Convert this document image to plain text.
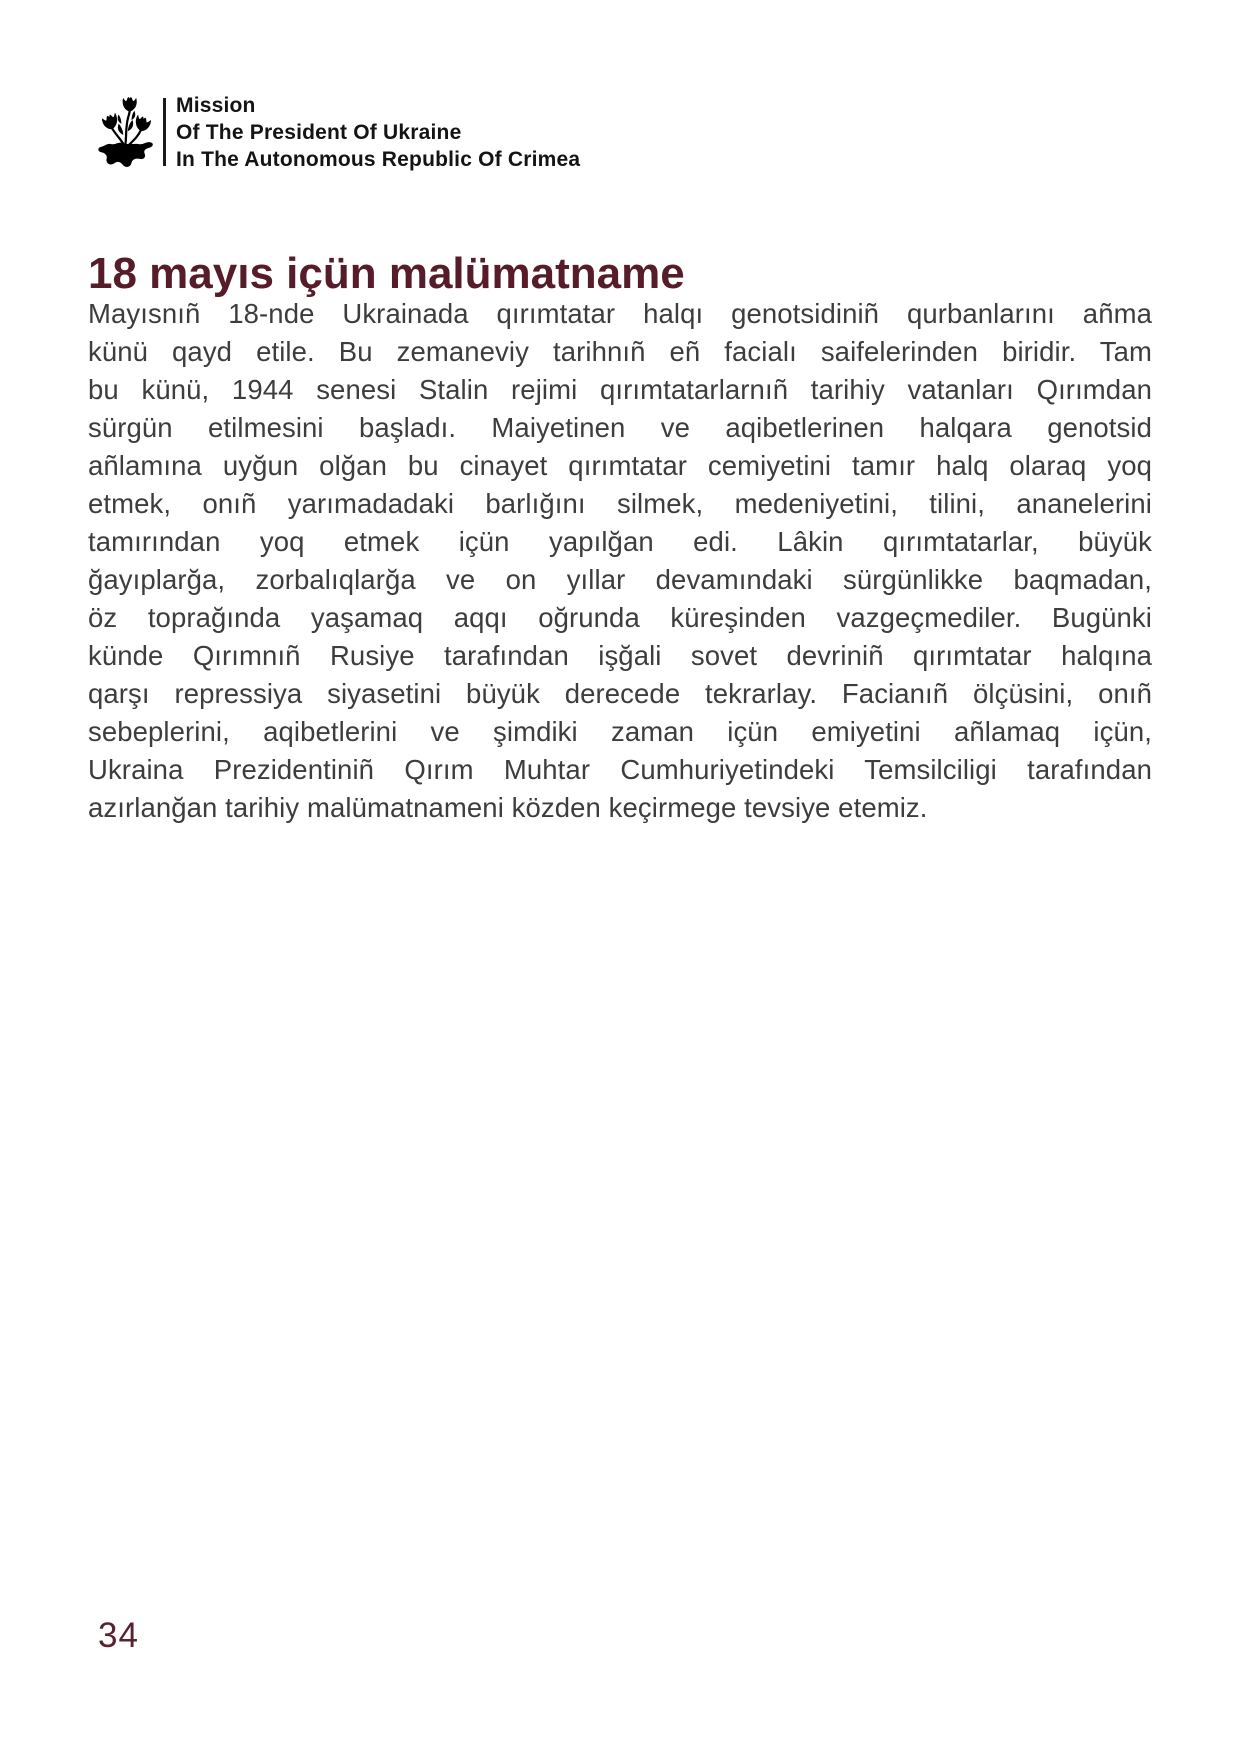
Mission
Of The President Of Ukraine
In The Autonomous Republic Of Crimea
18 mayıs içün malümatname
Mayısnıñ 18-nde Ukrainada qırımtatar halqı genotsidiniñ qurbanlarını añma
künü qayd etile. Bu zemaneviy tarihnıñ eñ facialı saifelerinden biridir. Tam
bu künü, 1944 senesi Stalin rejimi qırımtatarlarnıñ tarihiy vatanları Qırımdan
sürgün etilmesini başladı. Maiyetinen ve aqibetlerinen halqara genotsid
añlamına uyğun olğan bu cinayet qırımtatar cemiyetini tamır halq olaraq yoq
etmek, onıñ yarımadadaki barlığını silmek, medeniyetini, tilini, ananelerini
tamırından yoq etmek içün yapılğan edi. Lâkin qırımtatarlar, büyük
ğayıplarğa, zorbalıqlarğa ve on yıllar devamındaki sürgünlikke baqmadan,
öz toprağında yaşamaq aqqı oğrunda küreşinden vazgeçmediler. Bugünki
künde Qırımnıñ Rusiye tarafından işğali sovet devriniñ qırımtatar halqına
qarşı repressiya siyasetini büyük derecede tekrarlay. Facianıñ ölçüsini, onıñ
sebeplerini, aqibetlerini ve şimdiki zaman içün emiyetini añlamaq içün,
Ukraina Prezidentiniñ Qırım Muhtar Cumhuriyetindeki Temsilciligi tarafından
azırlanğan tarihiy malümatnameni közden keçirmege tevsiye etemiz.
34
